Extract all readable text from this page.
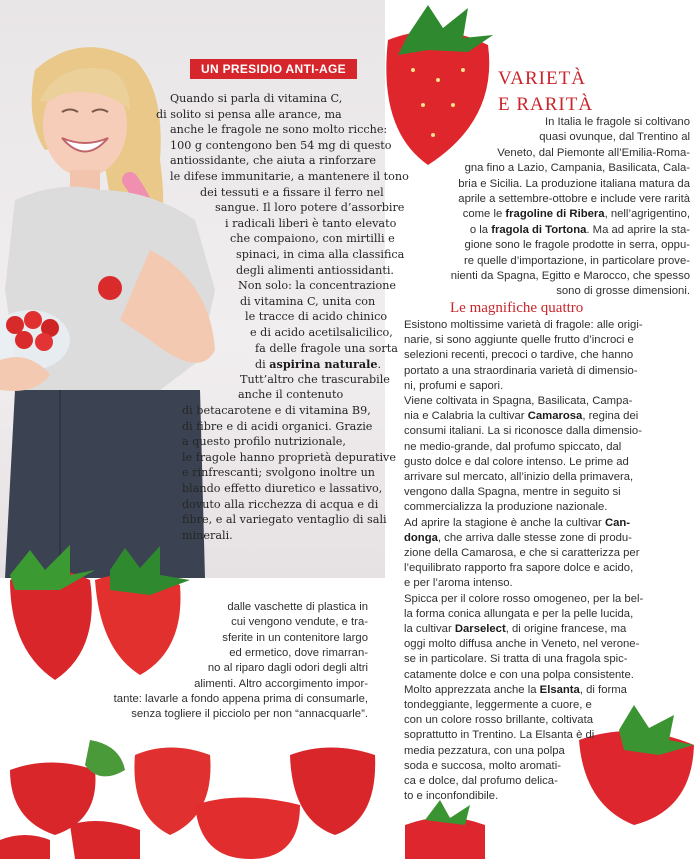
UN PRESIDIO ANTI-AGE	VARIETÀ
E RARITÀ
Le magnifiche quattro
Quando si parla di vitamina C,
di solito si pensa alle arance, ma
anche le fragole ne sono molto ricche:
100 g contengono ben 54 mg di questo
antiossidante, che aiuta a rinforzare
le difese immunitarie, a mantenere il tono
dei tessuti e a fissare il ferro nel
sangue. Il loro potere d’assorbire
i radicali liberi è tanto elevato
che compaiono, con mirtilli e
spinaci, in cima alla classifica
degli alimenti antiossidanti.
Non solo: la concentrazione
di vitamina C, unita con
le tracce di acido chinico
e di acido acetilsalicilico,
fa delle fragole una sorta
di aspirina naturale.
Tutt’altro che trascurabile
anche il contenuto
di betacarotene e di vitamina B9,
di fibre e di acidi organici. Grazie
a questo profilo nutrizionale,
le fragole hanno proprietà depurative
e rinfrescanti; svolgono inoltre un
blando effetto diuretico e lassativo,
dovuto alla ricchezza di acqua e di
fibre, e al variegato ventaglio di sali
minerali.
dalle vaschette di plastica in
cui vengono vendute, e tra-
sferite in un contenitore largo
ed ermetico, dove rimarran-
no al riparo dagli odori degli altri
alimenti. Altro accorgimento impor-
tante: lavarle a fondo appena prima di consumarle,
senza togliere il picciolo per non “annacquarle”.
In Italia le fragole si coltivano
quasi ovunque, dal Trentino al
Veneto, dal Piemonte all’Emilia-Roma-
gna fino a Lazio, Campania, Basilicata, Cala-
bria e Sicilia. La produzione italiana matura da
aprile a settembre-ottobre e include vere rarità
come le fragoline di Ribera, nell’agrigentino,
o la fragola di Tortona. Ma ad aprire la sta-
gione sono le fragole prodotte in serra, oppu-
re quelle d’importazione, in particolare prove-
nienti da Spagna, Egitto e Marocco, che spesso
sono di grosse dimensioni.
Esistono moltissime varietà di fragole: alle origi-
narie, si sono aggiunte quelle frutto d’incroci e
selezioni recenti, precoci o tardive, che hanno
portato a una straordinaria varietà di dimensio-
ni, profumi e sapori.
Viene coltivata in Spagna, Basilicata, Campa-
nia e Calabria la cultivar Camarosa, regina dei
consumi italiani. La si riconosce dalla dimensio-
ne medio-grande, dal profumo spiccato, dal
gusto dolce e dal colore intenso. Le prime ad
arrivare sul mercato, all’inizio della primavera,
vengono dalla Spagna, mentre in seguito si
commercializza la produzione nazionale.
Ad aprire la stagione è anche la cultivar Can-
donga, che arriva dalle stesse zone di produ-
zione della Camarosa, e che si caratterizza per
l’equilibrato rapporto fra sapore dolce e acido,
e per l’aroma intenso.
Spicca per il colore rosso omogeneo, per la bel-
la forma conica allungata e per la pelle lucida,
la cultivar Darselect, di origine francese, ma
oggi molto diffusa anche in Veneto, nel verone-
se in particolare. Si tratta di una fragola spic-
catamente dolce e con una polpa consistente.
Molto apprezzata anche la Elsanta, di forma
tondeggiante, leggermente a cuore, e
con un colore rosso brillante, coltivata
soprattutto in Trentino. La Elsanta è di
media pezzatura, con una polpa
soda e succosa, molto aromati-
ca e dolce, dal profumo delica-
to e inconfondibile.
